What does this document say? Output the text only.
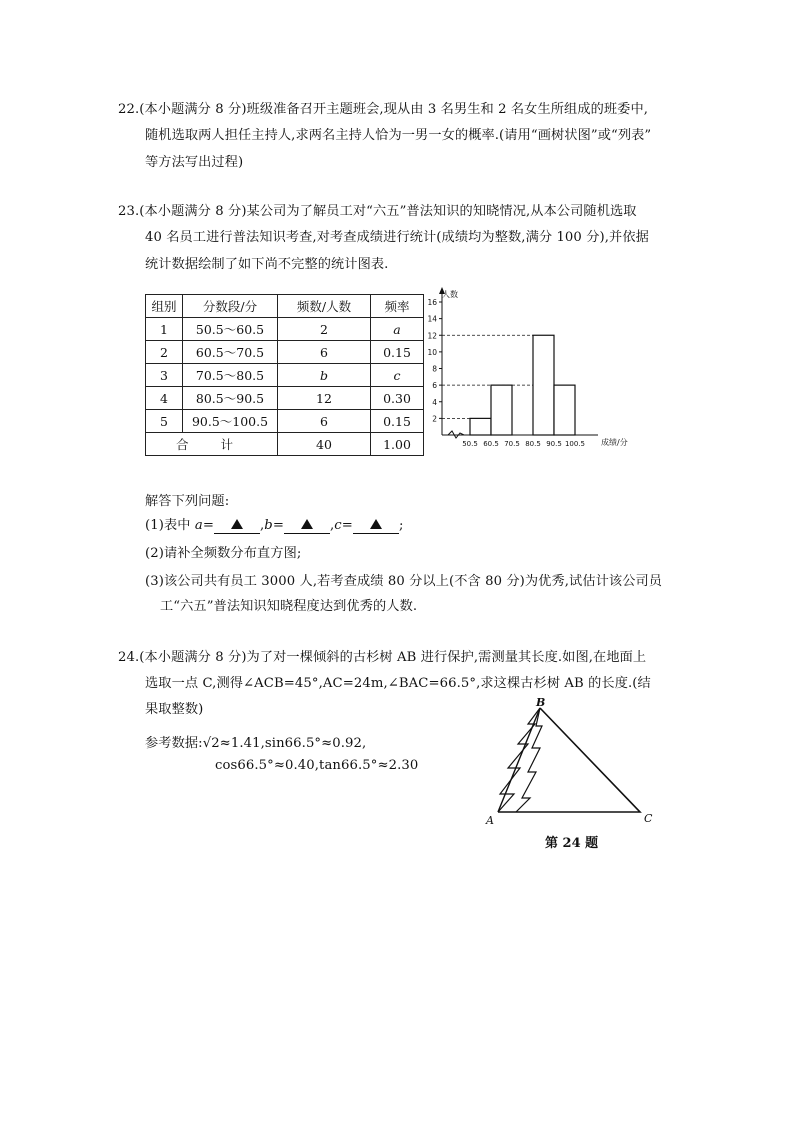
22.(本小题满分 8 分)班级准备召开主题班会,现从由 3 名男生和 2 名女生所组成的班委中,
随机选取两人担任主持人,求两名主持人恰为一男一女的概率.(请用“画树状图”或“列表”
等方法写出过程)
23.(本小题满分 8 分)某公司为了解员工对“六五”普法知识的知晓情况,从本公司随机选取
40 名员工进行普法知识考查,对考查成绩进行统计(成绩均为整数,满分 100 分),并依据
统计数据绘制了如下尚不完整的统计图表.
组别	分数段/分	频数/人数	频率
1	50.5～60.5	2	a
2	60.5～70.5	6	0.15
3	70.5～80.5	b	c
4	80.5～90.5	12	0.30
5	90.5～100.5	6	0.15
合 计		40	1.00
2
4
6
8
10
12
14
16
50.5 60.5 70.5 80.5 90.5 100.5
人数
成绩/分
解答下列问题:
(1)表中 a=	,b=	,c=	;
(2)请补全频数分布直方图;
(3)该公司共有员工 3000 人,若考查成绩 80 分以上(不含 80 分)为优秀,试估计该公司员
工“六五”普法知识知晓程度达到优秀的人数.
24.(本小题满分 8 分)为了对一棵倾斜的古杉树 AB 进行保护,需测量其长度.如图,在地面上
选取一点 C,测得∠ACB=45°,AC=24m,∠BAC=66.5°,求这棵古杉树 AB 的长度.(结
果取整数)
参考数据:√2≈1.41,sin66.5°≈0.92,
cos66.5°≈0.40,tan66.5°≈2.30
B
A	C
第 24 题
